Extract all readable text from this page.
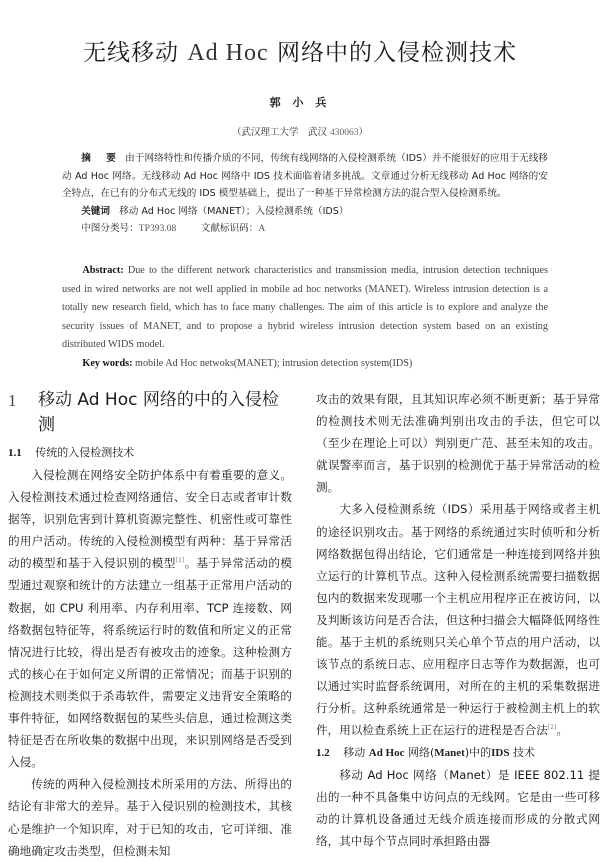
无线移动 Ad Hoc 网络中的入侵检测技术
郭 小 兵
（武汉理工大学　武汉 430063）

摘 要 由于网络特性和传播介质的不同，传统有线网络的入侵检测系统（IDS）并不能很好的应用于无线移动 Ad Hoc 网络。无线移动 Ad Hoc 网络中 IDS 技术面临着诸多挑战。文章通过分析无线移动 Ad Hoc 网络的安全特点，在已有的分布式无线的 IDS 模型基础上，提出了一种基于异常检测方法的混合型入侵检测系统。

关键词 移动 Ad Hoc 网络（MANET）；入侵检测系统（IDS）

中图分类号：TP393.08	文献标识码：A

Abstract: Due to the different network characteristics and transmission media, intrusion detection techniques used in wired networks are not well applied in mobile ad hoc networks (MANET). Wireless intrusion detection is a totally new research field, which has to face many challenges. The aim of this article is to explore and analyze the security issues of MANET, and to propose a hybrid wireless intrusion detection system based on an existing distributed WIDS model.

Key words: mobile Ad Hoc netwoks(MANET); intrusion detection system(IDS)

1	移动 Ad Hoc 网络的中的入侵检测
1.1 传统的入侵检测技术

入侵检测在网络安全防护体系中有着重要的意义。入侵检测技术通过检查网络通信、安全日志或者审计数据等，识别危害到计算机资源完整性、机密性或可靠性的用户活动。传统的入侵检测模型有两种：基于异常活动的模型和基于入侵识别的模型[1]。基于异常活动的模型通过观察和统计的方法建立一组基于正常用户活动的数据，如 CPU 利用率、内存利用率、TCP 连接数、网络数据包特征等，将系统运行时的数值和所定义的正常情况进行比较，得出是否有被攻击的迹象。这种检测方式的核心在于如何定义所谓的正常情况；而基于识别的检测技术则类似于杀毒软件，需要定义违背安全策略的事件特征，如网络数据包的某些头信息，通过检测这类特征是否在所收集的数据中出现，来识别网络是否受到入侵。

传统的两种入侵检测技术所采用的方法、所得出的结论有非常大的差异。基于入侵识别的检测技术，其核心是维护一个知识库，对于已知的攻击，它可详细、准确地确定攻击类型，但检测未知

攻击的效果有限，且其知识库必须不断更新；基于异常的检测技术则无法准确判别出攻击的手法，但它可以（至少在理论上可以）判别更广范、甚至未知的攻击。就误警率而言，基于识别的检测优于基于异常活动的检测。

大多入侵检测系统（IDS）采用基于网络或者主机的途径识别攻击。基于网络的系统通过实时侦听和分析网络数据包得出结论，它们通常是一种连接到网络并独立运行的计算机节点。这种入侵检测系统需要扫描数据包内的数据来发现哪一个主机应用程序正在被访问，以及判断该访问是否合法，但这种扫描会大幅降低网络性能。基于主机的系统则只关心单个节点的用户活动，以该节点的系统日志、应用程序日志等作为数据源，也可以通过实时监督系统调用，对所在的主机的采集数据进行分析。这种系统通常是一种运行于被检测主机上的软件，用以检查系统上正在运行的进程是否合法[2]。

1.2 移动 Ad Hoc 网络(Manet)中的IDS 技术

移动 Ad Hoc 网络（Manet）是 IEEE 802.11 提出的一种不具备集中访问点的无线网。它是由一些可移动的计算机设备通过无线介质连接而形成的分散式网络，其中每个节点同时承担路由器
